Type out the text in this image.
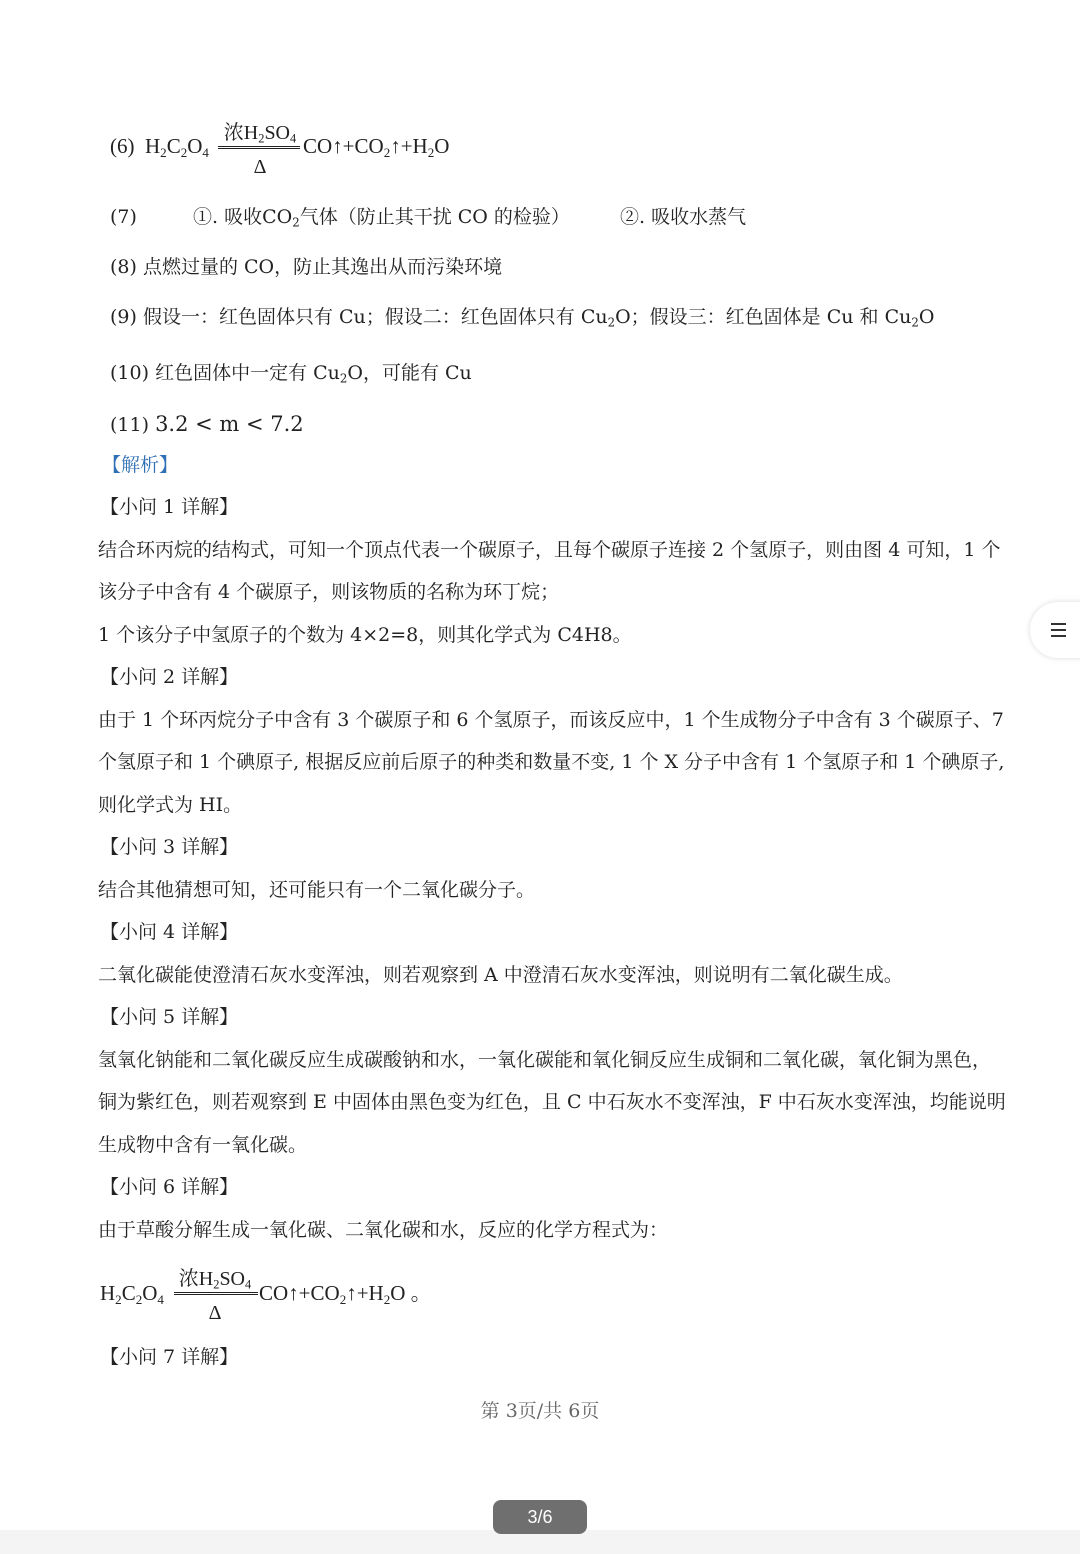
(6) $H_2C_2O_4$
浓$H_2SO_4$
Δ
$CO↑+CO_2↑+H_2O$
(7)	①. 吸收$CO_2$气体（防止其干扰 CO 的检验）	②. 吸收水蒸气
(8) 点燃过量的 CO，防止其逸出从而污染环境
(9) 假设一：红色固体只有 Cu；假设二：红色固体只有 $Cu_2O$；假设三：红色固体是 Cu 和 $Cu_2O$
(10) 红色固体中一定有 $Cu_2O$，可能有 Cu
(11) 3.2 < m < 7.2
【解析】
【小问 1 详解】
结合环丙烷的结构式，可知一个顶点代表一个碳原子，且每个碳原子连接 2 个氢原子，则由图 4 可知，1 个
该分子中含有 4 个碳原子，则该物质的名称为环丁烷；
1 个该分子中氢原子的个数为 4×2=8，则其化学式为 C4H8。
【小问 2 详解】
由于 1 个环丙烷分子中含有 3 个碳原子和 6 个氢原子，而该反应中，1 个生成物分子中含有 3 个碳原子、7
个氢原子和 1 个碘原子, 根据反应前后原子的种类和数量不变, 1 个 X 分子中含有 1 个氢原子和 1 个碘原子,
则化学式为 HI。
【小问 3 详解】
结合其他猜想可知，还可能只有一个二氧化碳分子。
【小问 4 详解】
二氧化碳能使澄清石灰水变浑浊，则若观察到 A 中澄清石灰水变浑浊，则说明有二氧化碳生成。
【小问 5 详解】
氢氧化钠能和二氧化碳反应生成碳酸钠和水，一氧化碳能和氧化铜反应生成铜和二氧化碳，氧化铜为黑色，
铜为紫红色，则若观察到 E 中固体由黑色变为红色，且 C 中石灰水不变浑浊，F 中石灰水变浑浊，均能说明
生成物中含有一氧化碳。
【小问 6 详解】
由于草酸分解生成一氧化碳、二氧化碳和水，反应的化学方程式为：
$H_2C_2O_4$
浓$H_2SO_4$
Δ
$CO↑+CO_2↑+H_2O$ 。
【小问 7 详解】
第 3页/共 6页
3/6
